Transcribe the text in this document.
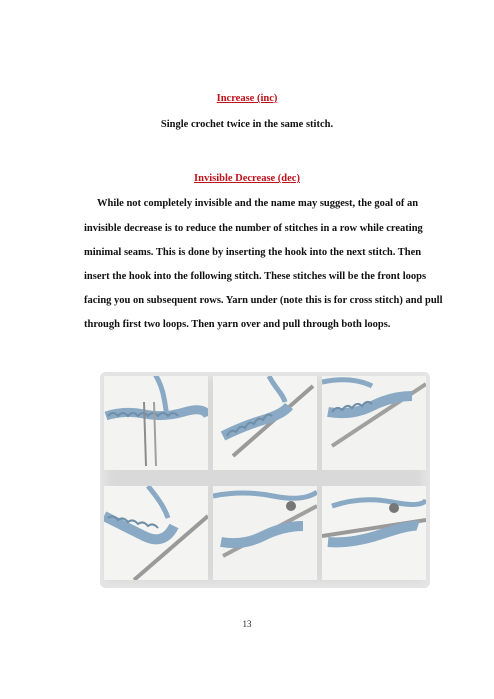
Increase (inc)
Single crochet twice in the same stitch.
Invisible Decrease (dec)
While not completely invisible and the name may suggest, the goal of an
invisible decrease is to reduce the number of stitches in a row while creating
minimal seams. This is done by inserting the hook into the next stitch. Then
insert the hook into the following stitch. These stitches will be the front loops
facing you on subsequent rows. Yarn under (note this is for cross stitch) and pull
through first two loops. Then yarn over and pull through both loops.
13
